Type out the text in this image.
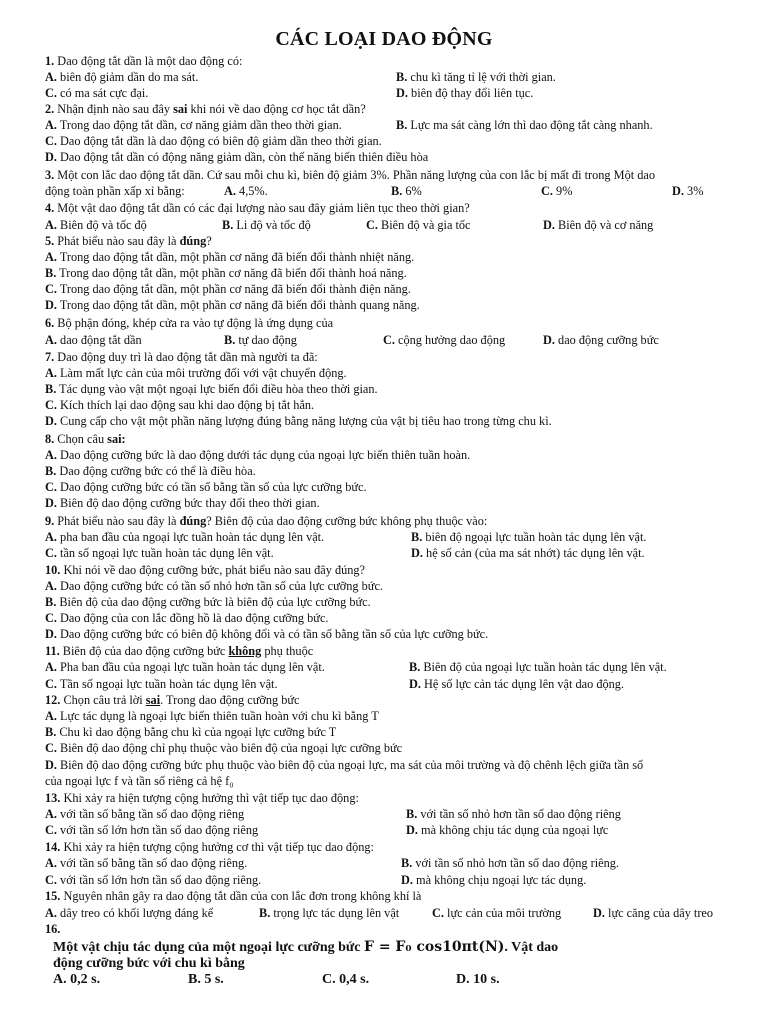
CÁC LOẠI DAO ĐỘNG
1. Dao động tắt dần là một dao động có:
A. biên độ giảm dần do ma sát.	B. chu kì tăng tỉ lệ với thời gian.
C. có ma sát cực đại.	D. biên độ thay đổi liên tục.
2. Nhận định nào sau đây sai khi nói về dao động cơ học tắt dần?
A. Trong dao động tắt dần, cơ năng giảm dần theo thời gian.	B. Lực ma sát càng lớn thì dao động tắt càng nhanh.
C. Dao động tắt dần là dao động có biên độ giảm dần theo thời gian.
D. Dao động tắt dần có động năng giảm dần, còn thế năng biến thiên điều hòa
3. Một con lắc dao động tắt dần. Cứ sau mỗi chu kì, biên độ giảm 3%. Phần năng lượng của con lắc bị mất đi trong Một dao
động toàn phần xấp xỉ bằng:	A. 4,5%.	B. 6%	C. 9%	D. 3%
4. Một vật dao động tắt dần có các đại lượng nào sau đây giảm liên tục theo thời gian?
A. Biên độ và tốc độ	B. Li độ và tốc độ	C. Biên độ và gia tốc	D. Biên độ và cơ năng
5. Phát biểu nào sau đây là đúng?
A. Trong dao động tắt dần, một phần cơ năng đã biến đổi thành nhiệt năng.
B. Trong dao động tắt dần, một phần cơ năng đã biến đổi thành hoá năng.
C. Trong dao động tắt dần, một phần cơ năng đã biến đổi thành điện năng.
D. Trong dao động tắt dần, một phần cơ năng đã biến đổi thành quang năng.
6. Bộ phận đóng, khép cửa ra vào tự động là ứng dụng của
A. dao động tắt dần	B. tự dao động	C. cộng hưởng dao động	D. dao động cưỡng bức
7. Dao động duy trì là dao động tắt dần mà người ta đã:
A. Làm mất lực cản của môi trường đối với vật chuyển động.
B. Tác dụng vào vật một ngoại lực biến đổi điều hòa theo thời gian.
C. Kích thích lại dao động sau khi dao động bị tắt hẳn.
D. Cung cấp cho vật một phần năng lượng đúng bằng năng lượng của vật bị tiêu hao trong từng chu kì.
8. Chọn câu sai:
A. Dao động cưỡng bức là dao động dưới tác dụng của ngoại lực biến thiên tuần hoàn.
B. Dao động cưỡng bức có thể là điều hòa.
C. Dao động cưỡng bức có tần số bằng tần số của lực cưỡng bức.
D. Biên độ dao động cưỡng bức thay đổi theo thời gian.
9. Phát biểu nào sau đây là đúng? Biên độ của dao động cưỡng bức không phụ thuộc vào:
A. pha ban đầu của ngoại lực tuần hoàn tác dụng lên vật.	B. biên độ ngoại lực tuần hoàn tác dụng lên vật.
C. tần số ngoại lực tuần hoàn tác dụng lên vật.	D. hệ số cản (của ma sát nhớt) tác dụng lên vật.
10. Khi nói về dao động cưỡng bức, phát biểu nào sau đây đúng?
A. Dao động cưỡng bức có tần số nhỏ hơn tần số của lực cưỡng bức.
B. Biên độ của dao động cưỡng bức là biên độ của lực cưỡng bức.
C. Dao động của con lắc đồng hồ là dao động cưỡng bức.
D. Dao động cưỡng bức có biên độ không đổi và có tần số bằng tần số của lực cưỡng bức.
11. Biên độ của dao động cưỡng bức không phụ thuộc
A. Pha ban đầu của ngoại lực tuần hoàn tác dụng lên vật.	B. Biên độ của ngoại lực tuần hoàn tác dụng lên vật.
C. Tần số ngoại lực tuần hoàn tác dụng lên vật.	D. Hệ số lực cản tác dụng lên vật dao động.
12. Chọn câu trả lời sai. Trong dao động cưỡng bức
A. Lực tác dụng là ngoại lực biến thiên tuần hoàn với chu kì bằng T
B. Chu kì dao động bằng chu kì của ngoại lực cưỡng bức T
C. Biên độ dao động chỉ phụ thuộc vào biên độ của ngoại lực cưỡng bức
D. Biên độ dao động cưỡng bức phụ thuộc vào biên độ của ngoại lực, ma sát của môi trường và độ chênh lệch giữa tần số
của ngoại lực f và tần số riêng cả hệ f₀
13. Khi xảy ra hiện tượng cộng hưởng thì vật tiếp tục dao động:
A. với tần số bằng tần số dao động riêng	B. với tần số nhỏ hơn tần số dao động riêng
C. với tần số lớn hơn tần số dao động riêng	D. mà không chịu tác dụng của ngoại lực
14. Khi xảy ra hiện tượng cộng hưởng cơ thì vật tiếp tục dao động:
A. với tần số bằng tần số dao động riêng.	B. với tần số nhỏ hơn tần số dao động riêng.
C. với tần số lớn hơn tần số dao động riêng.	D. mà không chịu ngoại lực tác dụng.
15. Nguyên nhân gây ra dao động tắt dần của con lắc đơn trong không khí là
A. dây treo có khối lượng đáng kể	B. trọng lực tác dụng lên vật	C. lực cản của môi trường	D. lực căng của dây treo
16.
Một vật chịu tác dụng của một ngoại lực cưỡng bức F = F₀ cos10πt(N). Vật dao
động cưỡng bức với chu kì bằng
A. 0,2 s.	B. 5 s.	C. 0,4 s.	D. 10 s.
